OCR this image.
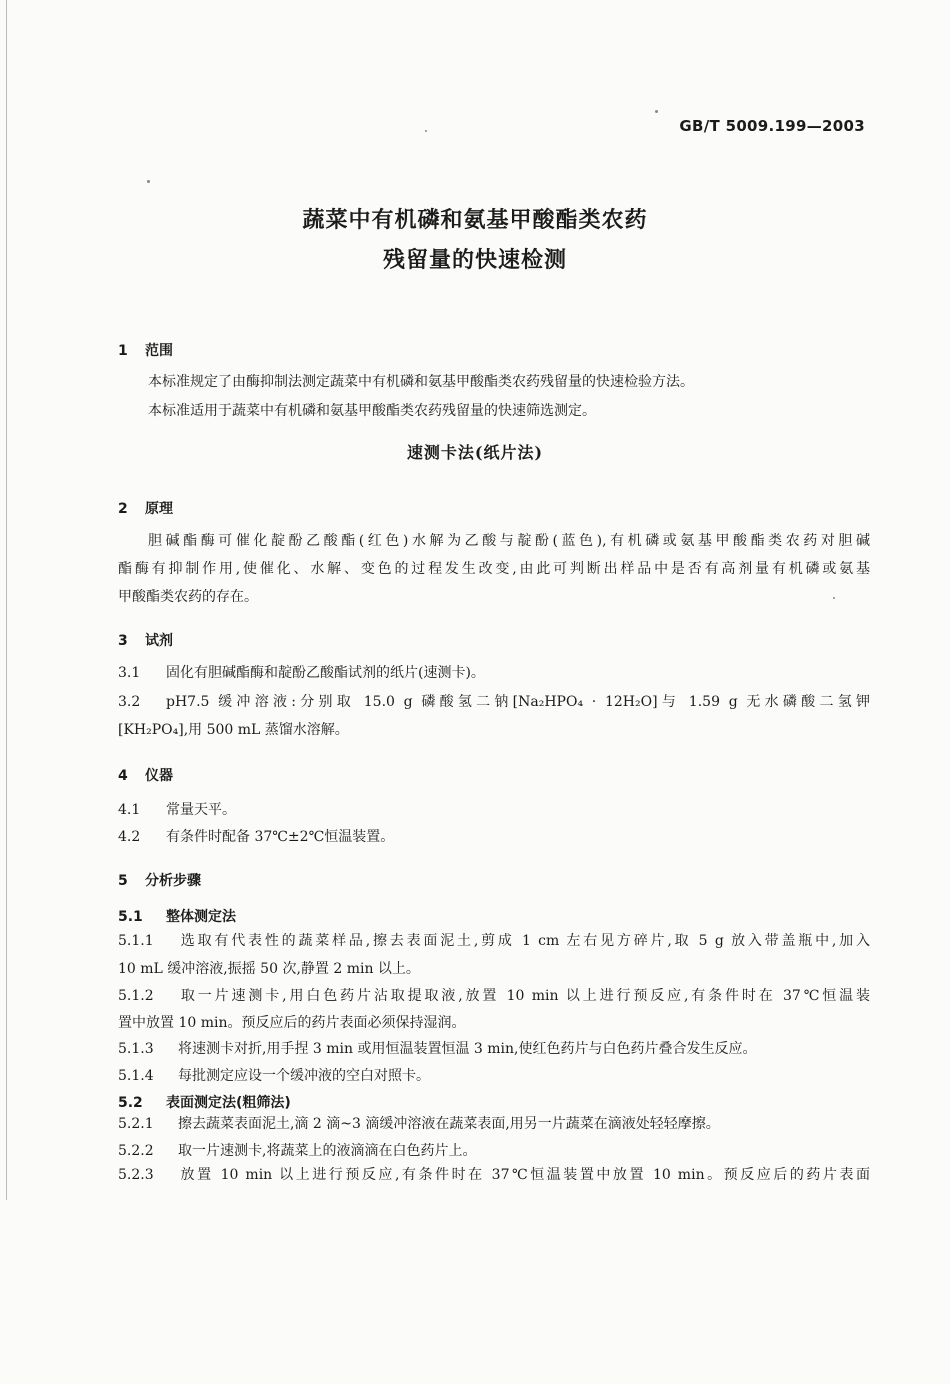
GB/T 5009.199—2003
蔬菜中有机磷和氨基甲酸酯类农药
残留量的快速检测
1 范围
本标准规定了由酶抑制法测定蔬菜中有机磷和氨基甲酸酯类农药残留量的快速检验方法。
本标准适用于蔬菜中有机磷和氨基甲酸酯类农药残留量的快速筛选测定。
速测卡法(纸片法)
2 原理
胆碱酯酶可催化靛酚乙酸酯(红色)水解为乙酸与靛酚(蓝色),有机磷或氨基甲酸酯类农药对胆碱
酯酶有抑制作用,使催化、水解、变色的过程发生改变,由此可判断出样品中是否有高剂量有机磷或氨基
甲酸酯类农药的存在。
3 试剂
3.1 固化有胆碱酯酶和靛酚乙酸酯试剂的纸片(速测卡)。
3.2 pH7.5 缓冲溶液:分别取 15.0 g 磷酸氢二钠[Na₂HPO₄ · 12H₂O]与 1.59 g 无水磷酸二氢钾
[KH₂PO₄],用 500 mL 蒸馏水溶解。
4 仪器
4.1 常量天平。
4.2 有条件时配备 37℃±2℃恒温装置。
5 分析步骤
5.1 整体测定法
5.1.1 选取有代表性的蔬菜样品,擦去表面泥土,剪成 1 cm 左右见方碎片,取 5 g 放入带盖瓶中,加入
10 mL 缓冲溶液,振摇 50 次,静置 2 min 以上。
5.1.2 取一片速测卡,用白色药片沾取提取液,放置 10 min 以上进行预反应,有条件时在 37℃恒温装
置中放置 10 min。预反应后的药片表面必须保持湿润。
5.1.3 将速测卡对折,用手捏 3 min 或用恒温装置恒温 3 min,使红色药片与白色药片叠合发生反应。
5.1.4 每批测定应设一个缓冲液的空白对照卡。
5.2 表面测定法(粗筛法)
5.2.1 擦去蔬菜表面泥土,滴 2 滴~3 滴缓冲溶液在蔬菜表面,用另一片蔬菜在滴液处轻轻摩擦。
5.2.2 取一片速测卡,将蔬菜上的液滴滴在白色药片上。
5.2.3 放置 10 min 以上进行预反应,有条件时在 37℃恒温装置中放置 10 min。预反应后的药片表面
